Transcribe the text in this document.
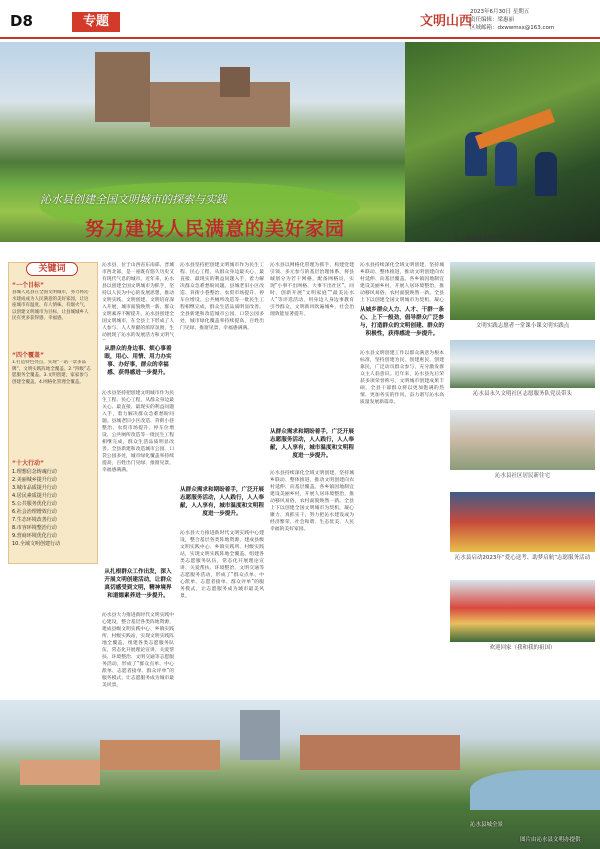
D8	专题	文明山西
2023年6月30日 星期五
责任编辑：梁惠丽
区域邮箱：dxwwmsx@163.com
沁水县创建全国文明城市的探索与实践
努力建设人民满意的美好家园	沁水县巍巍救援队营救被困群众
关键词
“一个目标”
县城人选县在全国文明城市，努力将沁水建成成为人民满意的美好家园，让这座城市有温度、有人情味、有烟火气，以创建文明城市为目标，让县城城乡人民有更多获得感、幸福感。
“四个覆盖”
1.打造特色亮点，实现“一站一景多品牌”，文明实践阵地全覆盖。2.“四级”志愿服务全覆盖。3.文明创建，家家参与创建全覆盖。4.网格化管理全覆盖。
“十大行动”
1.理想信念铸魂行动
2.美丽城乡提升行动
3.城市品质提升行动
4.居民素质提升行动
5.公共服务优化行动
6.社会治理增效行动
7.生态环境改善行动
8.市容环境整治行动
9.营商环境优化行动
10.全域文明创建行动
沁水县，位于山西省东南部，晋城市西北部，是一座既有悠久历史又有现代气息的城市。近年来，沁水县以创建全国文明城市为抓手，坚持以人民为中心的发展思想，推动文明实践、文明创建、文明培育深入开展，城市面貌焕然一新，群众文明素养不断提升。沁水县创建全国文明城市，在全县上下形成了人人参与、人人奉献的浓厚氛围，生动展现了沁水的发展活力和文明气
从群众的身边事、烦心事着眼，用心、用情、用力办实事、办好事，群众的幸福感、获得感进一步提升。
沁水县坚持把创建文明城市作为民生工程、民心工程，从群众身边最关心、最直接、最现实的利益问题入手，着力解决群众急难愁盼问题。县城老旧小区改造、背街小巷整治、农贸市场提升、停车位增设、公共厕所改造等一批民生工程相继完成，群众生活品质明显改善。全县新建和改造城市公园、口袋公园多处，城市绿化覆盖率持续提高，百姓出门见绿、推窗见景，幸福感满满。
从扎根群众工作出发，深入开展文明创建活动，让群众真切感受到文明，精神境界和道德素养进一步提升。
沁水县大力推进新时代文明实践中心建设，整合基层各类阵地资源，建成县级文明实践中心、乡镇实践所、村级实践站，实现文明实践阵地全覆盖。组建各类志愿服务队伍，常态化开展理论宣讲、关爱帮扶、环境整治、文明交通等志愿服务活动，形成了“群众点单、中心派单、志愿者接单、群众评单”的服务模式，让志愿服务成为城市最美风景。
沁水县坚持把创建文明城市作为民生工程、民心工程，从群众身边最关心、最直接、最现实的利益问题入手，着力解决群众急难愁盼问题。县城老旧小区改造、背街小巷整治、农贸市场提升、停车位增设、公共厕所改造等一批民生工程相继完成，群众生活品质明显改善。全县新建和改造城市公园、口袋公园多处，城市绿化覆盖率持续提高，百姓出门见绿、推窗见景，幸福感满满。
从群众需求和期盼着手，广泛开展志愿服务活动，人人践行，人人奉献，人人享有，城市温度和文明程度进一步提升。
沁水县大力推进新时代文明实践中心建设，整合基层各类阵地资源，建成县级文明实践中心、乡镇实践所、村级实践站，实现文明实践阵地全覆盖。组建各类志愿服务队伍，常态化开展理论宣讲、关爱帮扶、环境整治、文明交通等志愿服务活动，形成了“群众点单、中心派单、志愿者接单、群众评单”的服务模式，让志愿服务成为城市最美风景。
沁水县以网格化管理为抓手，构建党建引领、多元参与的基层治理体系，将县城划分为若干网格，配备网格员，实现“小事不出网格、大事不出社区”。同时，创新开展“文明家庭”“最美沁水人”等评选活动，用身边人身边事教育引导群众，文明新风吹遍城乡，社会治理效能显著提升。
从群众需求和期盼着手，广泛开展志愿服务活动，人人践行，人人奉献，人人享有，城市温度和文明程度进一步提升。
沁水县持续深化全域文明创建，坚持城乡联动、整体推进，推动文明创建向农村延伸、向基层覆盖。各乡镇因地制宜建设美丽乡村，开展人居环境整治，推动移风易俗，农村面貌焕然一新。全县上下以创建全国文明城市为契机，凝心聚力、真抓实干，努力把沁水建设成为经济繁荣、社会和谐、生态优美、人民幸福的美好家园。
沁水县持续深化全域文明创建，坚持城乡联动、整体推进，推动文明创建向农村延伸、向基层覆盖。各乡镇因地制宜建设美丽乡村，开展人居环境整治，推动移风易俗，农村面貌焕然一新。全县上下以创建全国文明城市为契机，凝心
从城乡群众人力、人才、干群一条心、上下一般劲，倡导群众广泛参与，打造群众的文明创建、群众的积极性，获得感进一步提升。
沁水县文明创建工作以群众满意为根本标准，坚持创建为民、创建惠民、创建靠民，广泛动员群众参与，充分激发群众主人翁意识。近年来，沁水县先后荣获多项荣誉称号，文明城市创建成果丰硕，全县干部群众将以更加饱满的热情、更加务实的作风，奋力谱写沁水高质量发展新篇章。
文明实践志愿者一堂课小课文明实践点
沁水县永久文明社区志愿服务队党员带头
沁水县社区居民新住宅
沁水县启动2023年“爱心送考、助梦启航”志愿服务活动
欢迎回家（我和我的祖国）
沁水县城全景
图片由沁水县文明办提供
